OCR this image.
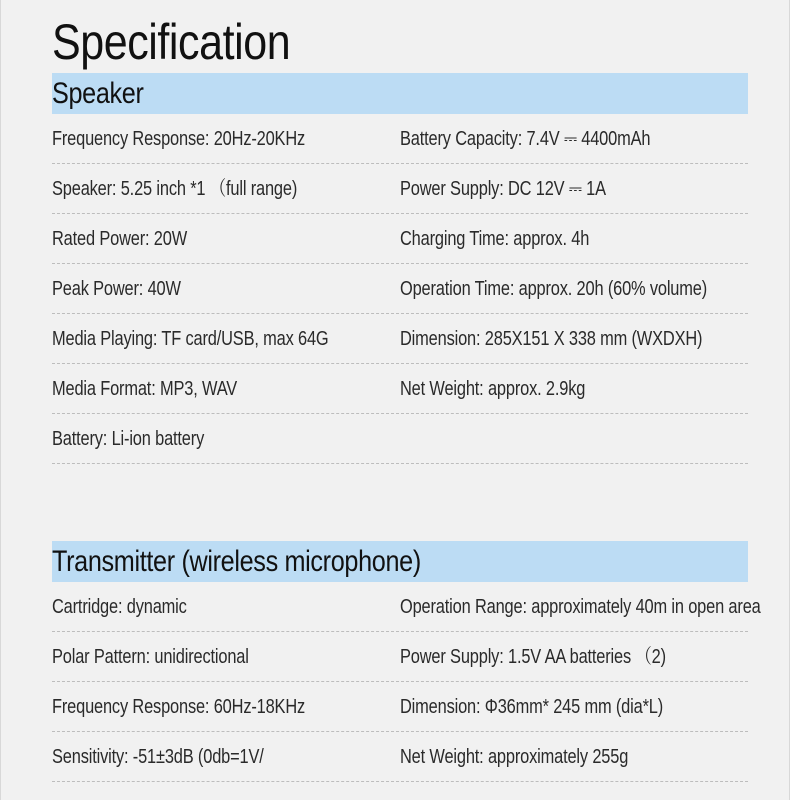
Specification
Speaker
Frequency Response: 20Hz-20KHz	Battery Capacity: 7.4V ⎓ 4400mAh
Speaker: 5.25 inch *1 （full range)	Power Supply: DC 12V ⎓ 1A
Rated Power: 20W	Charging Time: approx. 4h
Peak Power: 40W	Operation Time: approx. 20h (60% volume)
Media Playing: TF card/USB, max 64G	Dimension: 285X151 X 338 mm (WXDXH)
Media Format: MP3, WAV	Net Weight: approx. 2.9kg
Battery: Li-ion battery
Transmitter (wireless microphone)
Cartridge: dynamic	Operation Range: approximately 40m in open area
Polar Pattern: unidirectional	Power Supply: 1.5V AA batteries （2)
Frequency Response: 60Hz-18KHz	Dimension: Φ36mm* 245 mm (dia*L)
Sensitivity: -51±3dB (0db=1V/	Net Weight: approximately 255g
